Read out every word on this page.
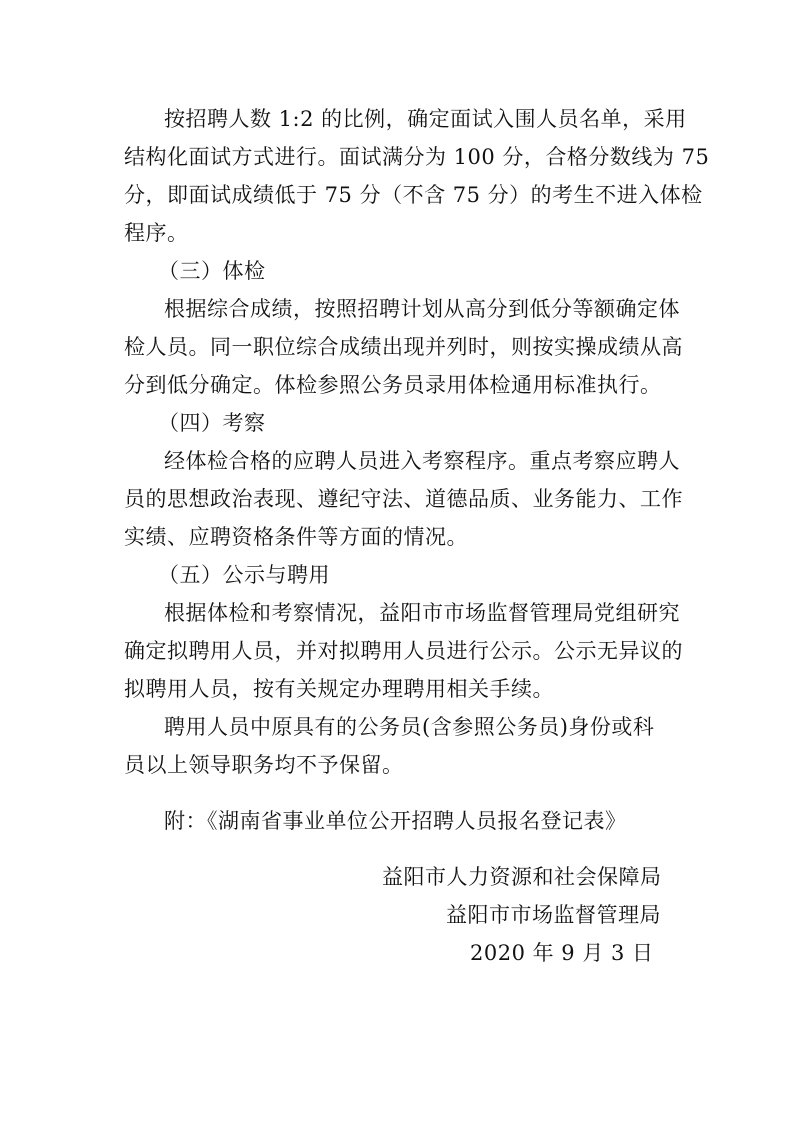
按招聘人数 1:2 的比例，确定面试入围人员名单，采用
结构化面试方式进行。面试满分为 100 分，合格分数线为 75
分，即面试成绩低于 75 分（不含 75 分）的考生不进入体检
程序。
（三）体检
根据综合成绩，按照招聘计划从高分到低分等额确定体
检人员。同一职位综合成绩出现并列时，则按实操成绩从高
分到低分确定。体检参照公务员录用体检通用标准执行。
（四）考察
经体检合格的应聘人员进入考察程序。重点考察应聘人
员的思想政治表现、遵纪守法、道德品质、业务能力、工作
实绩、应聘资格条件等方面的情况。
（五）公示与聘用
根据体检和考察情况，益阳市市场监督管理局党组研究
确定拟聘用人员，并对拟聘用人员进行公示。公示无异议的
拟聘用人员，按有关规定办理聘用相关手续。
聘用人员中原具有的公务员(含参照公务员)身份或科
员以上领导职务均不予保留。
附：《湖南省事业单位公开招聘人员报名登记表》
益阳市人力资源和社会保障局
益阳市市场监督管理局
2020 年 9 月 3 日
